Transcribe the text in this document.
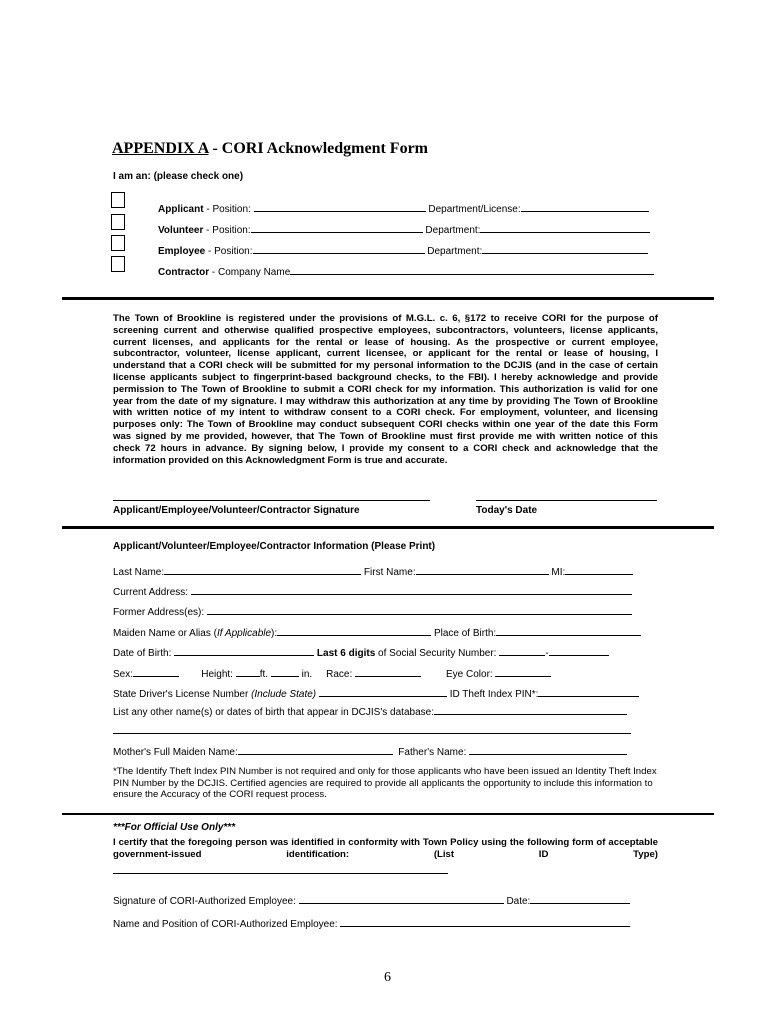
APPENDIX A - CORI Acknowledgment Form
I am an: (please check one)
Applicant - Position:	Department/License:
Volunteer - Position:	Department:
Employee - Position:	Department:
Contractor - Company Name
The Town of Brookline is registered under the provisions of M.G.L. c. 6, §172 to receive CORI for the purpose of screening current and otherwise qualified prospective employees, subcontractors, volunteers, license applicants, current licenses, and applicants for the rental or lease of housing. As the prospective or current employee, subcontractor, volunteer, license applicant, current licensee, or applicant for the rental or lease of housing, I understand that a CORI check will be submitted for my personal information to the DCJIS (and in the case of certain license applicants subject to fingerprint-based background checks, to the FBI). I hereby acknowledge and provide permission to The Town of Brookline to submit a CORI check for my information. This authorization is valid for one year from the date of my signature. I may withdraw this authorization at any time by providing The Town of Brookline with written notice of my intent to withdraw consent to a CORI check. For employment, volunteer, and licensing purposes only: The Town of Brookline may conduct subsequent CORI checks within one year of the date this Form was signed by me provided, however, that The Town of Brookline must first provide me with written notice of this check 72 hours in advance. By signing below, I provide my consent to a CORI check and acknowledge that the information provided on this Acknowledgment Form is true and accurate.
Applicant/Employee/Volunteer/Contractor Signature	Today's Date
Applicant/Volunteer/Employee/Contractor Information (Please Print)
Last Name:	First Name:	MI:
Current Address:
Former Address(es):
Maiden Name or Alias (If Applicable):	Place of Birth:
Date of Birth:	Last 6 digits of Social Security Number:	-
Sex:	Height:	ft.	in. Race:	Eye Color:
State Driver's License Number (Include State)	ID Theft Index PIN*:
List any other name(s) or dates of birth that appear in DCJIS's database:
Mother's Full Maiden Name:	Father's Name:
*The Identify Theft Index PIN Number is not required and only for those applicants who have been issued an Identity Theft Index PIN Number by the DCJIS. Certified agencies are required to provide all applicants the opportunity to include this information to ensure the Accuracy of the CORI request process.
***For Official Use Only***
I certify that the foregoing person was identified in conformity with Town Policy using the following form of acceptable government-issued identification: (List ID Type)
Signature of CORI-Authorized Employee:	Date:
Name and Position of CORI-Authorized Employee:
6
